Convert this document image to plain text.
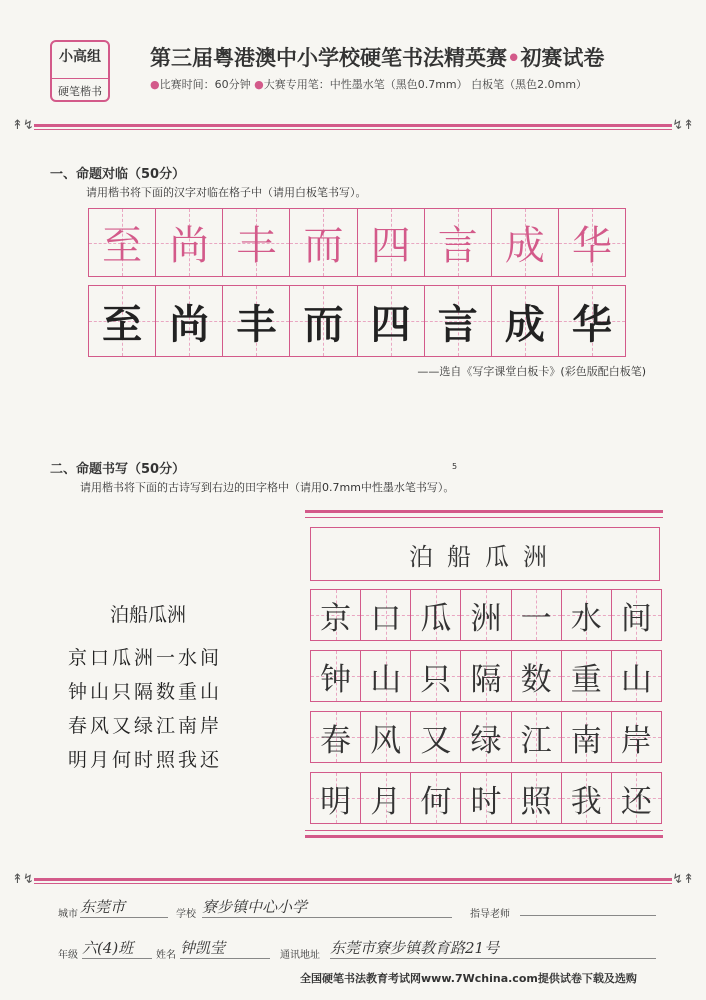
小高组
硬笔楷书
第三届粤港澳中小学校硬笔书法精英赛•初赛试卷
●比赛时间：60分钟 ●大赛专用笔：中性墨水笔（黑色0.7mm） 白板笔（黑色2.0mm）
↟↯	↯↟
一、命题对临（50分）
请用楷书将下面的汉字对临在格子中（请用白板笔书写）。
至 尚 丰 而 四 言 成 华
至 尚 丰 而 四 言 成 华
——选自《写字课堂白板卡》(彩色版配白板笔)
二、命题书写（50分）	5
请用楷书将下面的古诗写到右边的田字格中（请用0.7mm中性墨水笔书写）。
泊船瓜洲
京口瓜洲一水间
钟山只隔数重山
春风又绿江南岸
明月何时照我还
泊船瓜洲
京 口 瓜 洲 一 水 间
钟 山 只 隔 数 重 山
春 风 又 绿 江 南 岸
明 月 何 时 照 我 还
↟↯	↯↟
城市 东莞市	学校 寮步镇中心小学	指导老师
年级 六(4)班	姓名 钟凯莹	通讯地址 东莞市寮步镇教育路21号
全国硬笔书法教育考试网www.7Wchina.com提供试卷下载及选购
